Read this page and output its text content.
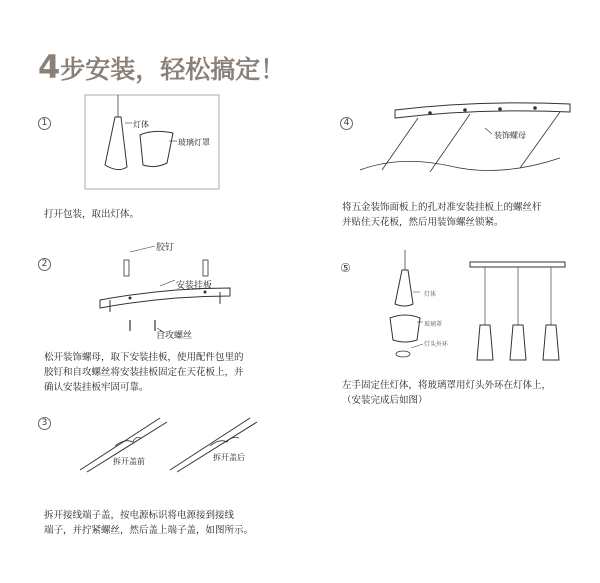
4步安装，轻松搞定！
1	灯体
玻璃灯罩
打开包装，取出灯体。
2
胶钉
安装挂板
自攻螺丝
松开装饰螺母，取下安装挂板，使用配件包里的
胶钉和自攻螺丝将安装挂板固定在天花板上，并
确认安装挂板牢固可靠。
3
拆开盖前	拆开盖后
拆开接线端子盖，按电源标识将电源接到接线
端子，并拧紧螺丝，然后盖上端子盖，如图所示。
4
装饰螺母
将五金装饰面板上的孔对准安装挂板上的螺丝杆
并贴住天花板，然后用装饰螺丝锁紧。
⑤
灯体
玻璃罩
灯头外环
左手固定住灯体，将玻璃罩用灯头外环在灯体上，
（安装完成后如图）
